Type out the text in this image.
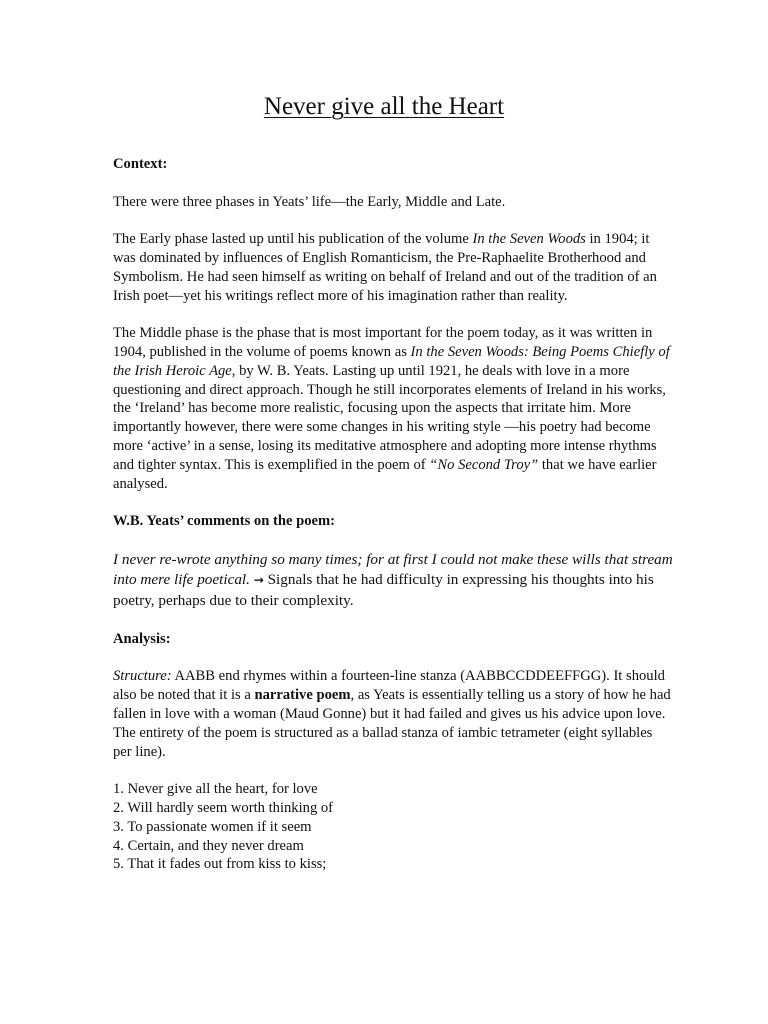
Never give all the Heart

Context:

There were three phases in Yeats’ life—the Early, Middle and Late.

The Early phase lasted up until his publication of the volume In the Seven Woods in 1904; it was dominated by influences of English Romanticism, the Pre-Raphaelite Brotherhood and Symbolism. He had seen himself as writing on behalf of Ireland and out of the tradition of an Irish poet—yet his writings reflect more of his imagination rather than reality.

The Middle phase is the phase that is most important for the poem today, as it was written in 1904, published in the volume of poems known as In the Seven Woods: Being Poems Chiefly of the Irish Heroic Age, by W. B. Yeats. Lasting up until 1921, he deals with love in a more questioning and direct approach. Though he still incorporates elements of Ireland in his works, the ‘Ireland’ has become more realistic, focusing upon the aspects that irritate him. More importantly however, there were some changes in his writing style —his poetry had become more ‘active’ in a sense, losing its meditative atmosphere and adopting more intense rhythms and tighter syntax. This is exemplified in the poem of “No Second Troy” that we have earlier analysed.

W.B. Yeats’ comments on the poem:

I never re-wrote anything so many times; for at first I could not make these wills that stream into mere life poetical. → Signals that he had difficulty in expressing his thoughts into his poetry, perhaps due to their complexity.

Analysis:

Structure: AABB end rhymes within a fourteen-line stanza (AABBCCDDEEFFGG). It should also be noted that it is a narrative poem, as Yeats is essentially telling us a story of how he had fallen in love with a woman (Maud Gonne) but it had failed and gives us his advice upon love. The entirety of the poem is structured as a ballad stanza of iambic tetrameter (eight syllables per line).

1. Never give all the heart, for love

2. Will hardly seem worth thinking of

3. To passionate women if it seem

4. Certain, and they never dream

5. That it fades out from kiss to kiss;
